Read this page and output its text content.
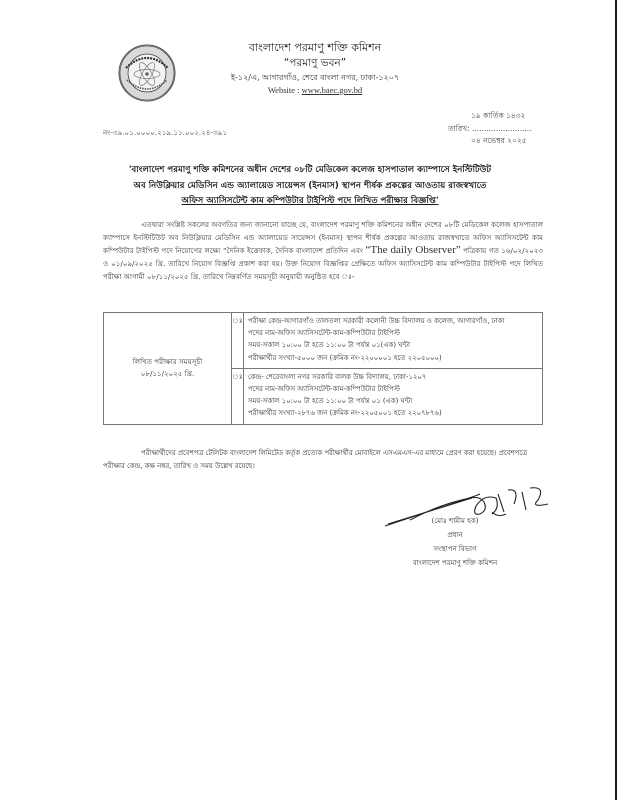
বাংলাদেশ পরমাণু শক্তি কমিশন
“পরমাণু ভবন”
ই-১২/এ, আগারগাঁও, শেরে বাংলা নগর, ঢাকা-১২০৭
Website : www.baec.gov.bd
নং-৩৯.০১.০০০০.২১৯.১১.০০২.২৪-৩৯১
১৯ কার্তিক ১৪৩২
তারিখ: .........................
০৪ নভেম্বর ২০২৫
'বাংলাদেশ পরমাণু শক্তি কমিশনের অধীন দেশের ০৮টি মেডিকেল কলেজ হাসপাতাল ক্যাম্পাসে ইনস্টিটিউট
অব নিউক্লিয়ার মেডিসিন এন্ড অ্যালায়েড সায়েন্সস (ইনমাস) স্থাপন শীর্ষক প্রকল্পের আওতায় রাজস্বখাতে
অফিস অ্যাসিসটেন্ট কাম কম্পিউটার টাইপিস্ট পদে লিখিত পরীক্ষার বিজ্ঞপ্তি'
এতদ্বারা সংশ্লিষ্ট সকলের অবগতির জন্য জানানো যাচ্ছে যে, বাংলাদেশ পরমাণু শক্তি কমিশনের অধীন দেশের ০৮টি মেডিকেল কলেজ হাসপাতাল ক্যাম্পাসে ইনস্টিটিউট অব নিউক্লিয়ার মেডিসিন এন্ড অ্যালায়েড সায়েন্সস (ইনমাস) স্থাপন শীর্ষক প্রকল্পের আওতায় রাজস্বখাতে অফিস অ্যাসিসটেন্ট কাম কম্পিউটার টাইপিস্ট পদে নিয়োগের লক্ষ্যে “দৈনিক ইত্তেফাক, দৈনিক বাংলাদেশ প্রতিদিন এবং “The daily Observer” পত্রিকায় গত ১৬/০২/২০২৩ ও ০১/০৯/২০২৫ খ্রি. তারিখে নিয়োগ বিজ্ঞপ্তি প্রকাশ করা হয়। উক্ত নিয়োগ বিজ্ঞপ্তির প্রেক্ষিতে অফিস অ্যাসিসটেন্ট কাম কম্পিউটার টাইপিস্ট পদে লিখিত পরীক্ষা আগামী ০৮/১১/২০২৫ খ্রি. তারিখে নিম্নবর্ণিত সময়সূচী অনুযায়ী অনুষ্ঠিত হবে ঃ-
লিখিত পরীক্ষার সময়সূচী
০৮/১১/২০২৫ খ্রি.
	ঃ	পরীক্ষা কেন্দ্র-আগারগাঁও তালতলা সরকারী কলোনী উচ্চ বিদ্যালয় ও কলেজ, আগারগাঁও, ঢাকা
পদের নাম-অফিস অ্যাসিসটেন্ট-কাম-কম্পিউটার টাইপিস্ট
সময়-সকাল ১০:০০ টা হতে ১১:০০ টা পর্যন্ত ০১(এক) ঘন্টা
পরীক্ষার্থীর সংখ্যা-৫০০০ জন (ক্রমিক নং-২২০০০০১ হতে ২২০৫০০০)

	ঃ	কেন্দ্র- শেরেবাংলা নগর সরকারি বালক উচ্চ বিদ্যালয়, ঢাকা-১২০৭
পদের নাম-অফিস অ্যাসিসটেন্ট-কাম-কম্পিউটার টাইপিস্ট
সময়-সকাল ১০:০০ টা হতে ১১:০০ টা পর্যন্ত ০১ (এক) ঘন্টা
পরীক্ষার্থীর সংখ্যা-২৮৭৬ জন (ক্রমিক নং-২২০৫০০১ হতে ২২০৭৮৭৬)
পরীক্ষার্থীদের প্রবেশপত্র টেলিটক বাংলাদেশ লিমিটেড কর্তৃক প্রত্যেক পরীক্ষার্থীর মোবাইলে এসএমএস-এর মাধ্যমে প্রেরণ করা হয়েছে। প্রবেশপত্রে পরীক্ষার কেন্দ্র, কক্ষ নম্বর, তারিখ ও সময় উল্লেখ রয়েছে।
(মোঃ শামীম হক)
প্রধান
সংস্থাপন বিভাগ
বাংলাদেশ পরমাণু শক্তি কমিশন
